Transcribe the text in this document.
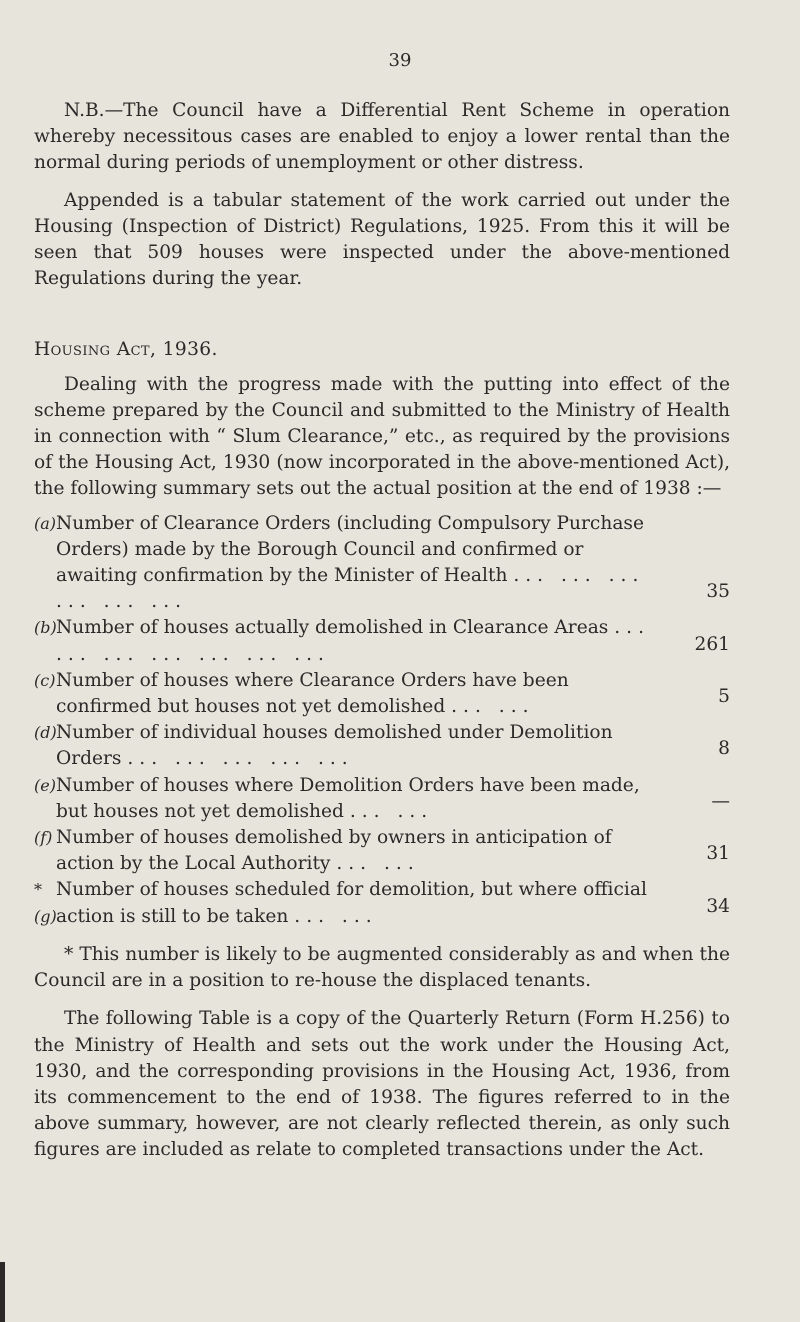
39

N.B.—The Council have a Differential Rent Scheme in operation whereby necessitous cases are enabled to enjoy a lower rental than the normal during periods of unemployment or other distress.

Appended is a tabular statement of the work carried out under the Housing (Inspection of District) Regulations, 1925. From this it will be seen that 509 houses were inspected under the above-mentioned Regulations during the year.

Housing Act, 1936.

Dealing with the progress made with the putting into effect of the scheme prepared by the Council and submitted to the Ministry of Health in connection with “ Slum Clearance,” etc., as required by the provisions of the Housing Act, 1930 (now incorporated in the above-mentioned Act), the following summary sets out the actual position at the end of 1938 :—

(a) Number of Clearance Orders (including Compulsory Purchase Orders) made by the Borough Council and confirmed or awaiting confirmation by the Minister of Health ... ... ... ... ... ...	35
(b) Number of houses actually demolished in Clearance Areas ... ... ... ... ... ... ...	261
(c) Number of houses where Clearance Orders have been confirmed but houses not yet demolished ... ...	5
(d) Number of individual houses demolished under Demolition Orders ... ... ... ... ...	8
(e) Number of houses where Demolition Orders have been made, but houses not yet demolished ... ...	—
(f) Number of houses demolished by owners in anticipation of action by the Local Authority ... ...	31
*(g)
Number of houses scheduled for demolition, but where official action is still to be taken ... ...	34

* This number is likely to be augmented considerably as and when the Council are in a position to re-house the displaced tenants.

The following Table is a copy of the Quarterly Return (Form H.256) to the Ministry of Health and sets out the work under the Housing Act, 1930, and the corresponding provisions in the Housing Act, 1936, from its commencement to the end of 1938. The figures referred to in the above summary, however, are not clearly reflected therein, as only such figures are included as relate to completed transactions under the Act.
